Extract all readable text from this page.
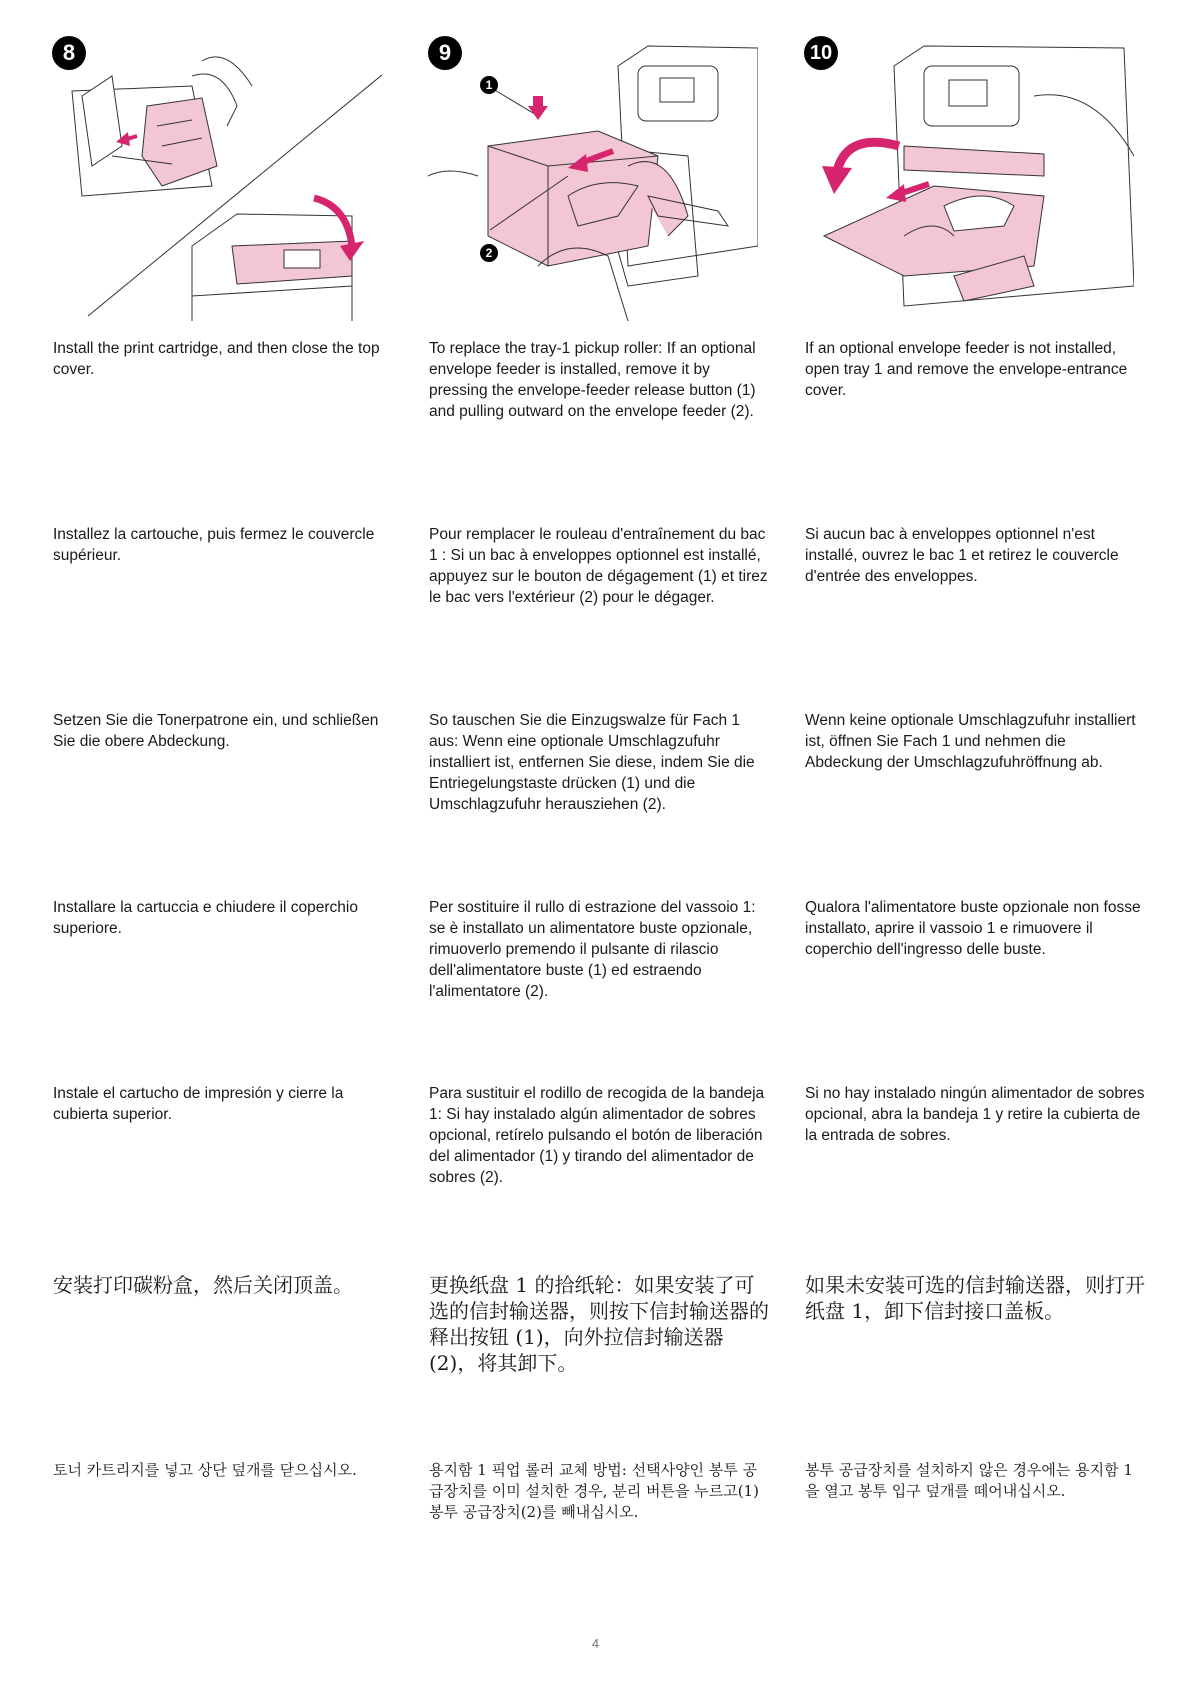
8	9
1
2
10

Install the print cartridge, and then close the top cover.

To replace the tray-1 pickup roller: If an optional envelope feeder is installed, remove it by pressing the envelope-feeder release button (1) and pulling outward on the envelope feeder (2).

If an optional envelope feeder is not installed, open tray 1 and remove the envelope-entrance cover.

Installez la cartouche, puis fermez le couvercle supérieur.

Pour remplacer le rouleau d'entraînement du bac 1 : Si un bac à enveloppes optionnel est installé, appuyez sur le bouton de dégagement (1) et tirez le bac vers l'extérieur (2) pour le dégager.

Si aucun bac à enveloppes optionnel n'est installé, ouvrez le bac 1 et retirez le couvercle d'entrée des enveloppes.

Setzen Sie die Tonerpatrone ein, und schließen Sie die obere Abdeckung.

So tauschen Sie die Einzugswalze für Fach 1 aus: Wenn eine optionale Umschlagzufuhr installiert ist, entfernen Sie diese, indem Sie die Entriegelungstaste drücken (1) und die Umschlagzufuhr herausziehen (2).

Wenn keine optionale Umschlagzufuhr installiert ist, öffnen Sie Fach 1 und nehmen die Abdeckung der Umschlagzufuhröffnung ab.

Installare la cartuccia e chiudere il coperchio superiore.

Per sostituire il rullo di estrazione del vassoio 1: se è installato un alimentatore buste opzionale, rimuoverlo premendo il pulsante di rilascio dell'alimentatore buste (1) ed estraendo l'alimentatore (2).

Qualora l'alimentatore buste opzionale non fosse installato, aprire il vassoio 1 e rimuovere il coperchio dell'ingresso delle buste.

Instale el cartucho de impresión y cierre la cubierta superior.

Para sustituir el rodillo de recogida de la bandeja 1: Si hay instalado algún alimentador de sobres opcional, retírelo pulsando el botón de liberación del alimentador (1) y tirando del alimentador de sobres (2).

Si no hay instalado ningún alimentador de sobres opcional, abra la bandeja 1 y retire la cubierta de la entrada de sobres.

安装打印碳粉盒，然后关闭顶盖。	更换纸盘 1 的拾纸轮：如果安装了可选的信封输送器，则按下信封输送器的释出按钮 (1)，向外拉信封输送器 (2)，将其卸下。

如果未安装可选的信封输送器，则打开纸盘 1，卸下信封接口盖板。

토너 카트리지를 넣고 상단 덮개를 닫으십시오.	용지함 1 픽업 롤러 교체 방법: 선택사양인 봉투 공급장치를 이미 설치한 경우, 분리 버튼을 누르고(1) 봉투 공급장치(2)를 빼내십시오.

봉투 공급장치를 설치하지 않은 경우에는 용지함 1을 열고 봉투 입구 덮개를 떼어내십시오.

4
